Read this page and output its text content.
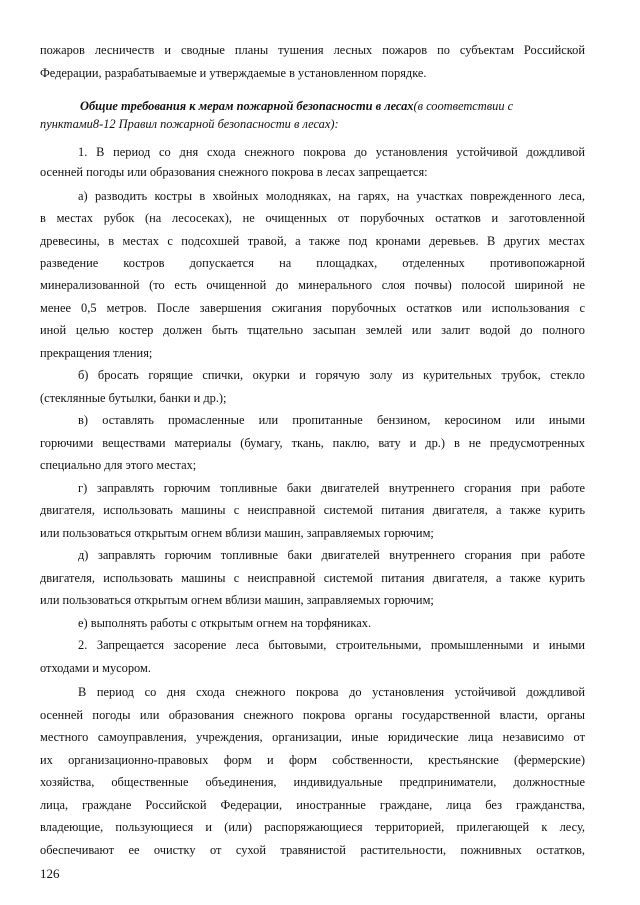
пожаров лесничеств и сводные планы тушения лесных пожаров по субъектам Российской
Федерации, разрабатываемые и утверждаемые в установленном порядке.
Общие требования к мерам пожарной безопасности в лесах(в соответствии с
пунктами8-12 Правил пожарной безопасности в лесах):
1. В период со дня схода снежного покрова до установления устойчивой дождливой
осенней погоды или образования снежного покрова в лесах запрещается:
а) разводить костры в хвойных молодняках, на гарях, на участках поврежденного леса,
в местах рубок (на лесосеках), не очищенных от порубочных остатков и заготовленной
древесины, в местах с подсохшей травой, а также под кронами деревьев. В других местах
разведение костров допускается на площадках, отделенных противопожарной
минерализованной (то есть очищенной до минерального слоя почвы) полосой шириной не
менее 0,5 метров. После завершения сжигания порубочных остатков или использования с
иной целью костер должен быть тщательно засыпан землей или залит водой до полного
прекращения тления;
б) бросать горящие спички, окурки и горячую золу из курительных трубок, стекло
(стеклянные бутылки, банки и др.);
в) оставлять промасленные или пропитанные бензином, керосином или иными
горючими веществами материалы (бумагу, ткань, паклю, вату и др.) в не предусмотренных
специально для этого местах;
г) заправлять горючим топливные баки двигателей внутреннего сгорания при работе
двигателя, использовать машины с неисправной системой питания двигателя, а также курить
или пользоваться открытым огнем вблизи машин, заправляемых горючим;
д) заправлять горючим топливные баки двигателей внутреннего сгорания при работе
двигателя, использовать машины с неисправной системой питания двигателя, а также курить
или пользоваться открытым огнем вблизи машин, заправляемых горючим;
е) выполнять работы с открытым огнем на торфяниках.
2. Запрещается засорение леса бытовыми, строительными, промышленными и иными
отходами и мусором.
В период со дня схода снежного покрова до установления устойчивой дождливой
осенней погоды или образования снежного покрова органы государственной власти, органы
местного самоуправления, учреждения, организации, иные юридические лица независимо от
их организационно-правовых форм и форм собственности, крестьянские (фермерские)
хозяйства, общественные объединения, индивидуальные предприниматели, должностные
лица, граждане Российской Федерации, иностранные граждане, лица без гражданства,
владеющие, пользующиеся и (или) распоряжающиеся территорией, прилегающей к лесу,
обеспечивают ее очистку от сухой травянистой растительности, пожнивных остатков,
126
